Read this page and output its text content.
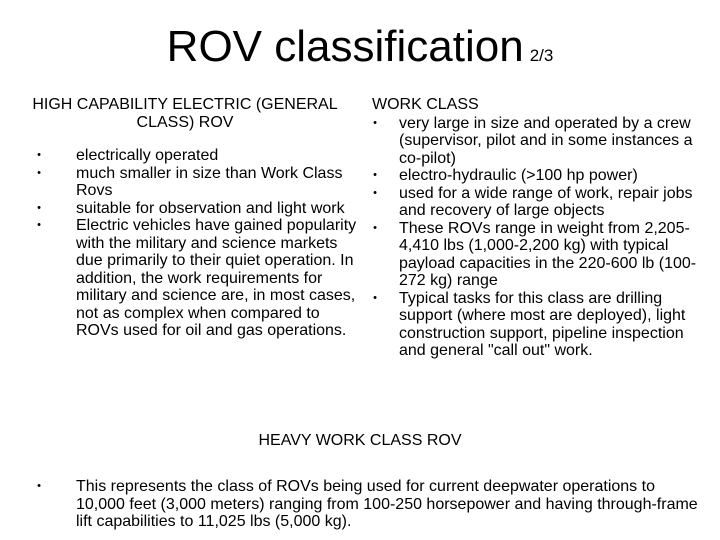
ROV classification 2/3
HIGH CAPABILITY ELECTRIC (GENERAL CLASS) ROV
•	electrically operated
•	much smaller in size than Work Class Rovs
•	suitable for observation and light work
•	Electric vehicles have gained popularity with the military and science markets due primarily to their quiet operation. In addition, the work requirements for military and science are, in most cases, not as complex when compared to ROVs used for oil and gas operations.
WORK CLASS
•	very large in size and operated by a crew (supervisor, pilot and in some instances a co-pilot)
•	electro-hydraulic (>100 hp power)
•	used for a wide range of work, repair jobs and recovery of large objects
•	These ROVs range in weight from 2,205-4,410 lbs (1,000-2,200 kg) with typical payload capacities in the 220-600 lb (100-272 kg) range
•	Typical tasks for this class are drilling support (where most are deployed), light construction support, pipeline inspection and general "call out" work.
HEAVY WORK CLASS ROV
•	This represents the class of ROVs being used for current deepwater operations to 10,000 feet (3,000 meters) ranging from 100-250 horsepower and having through-frame lift capabilities to 11,025 lbs (5,000 kg).
